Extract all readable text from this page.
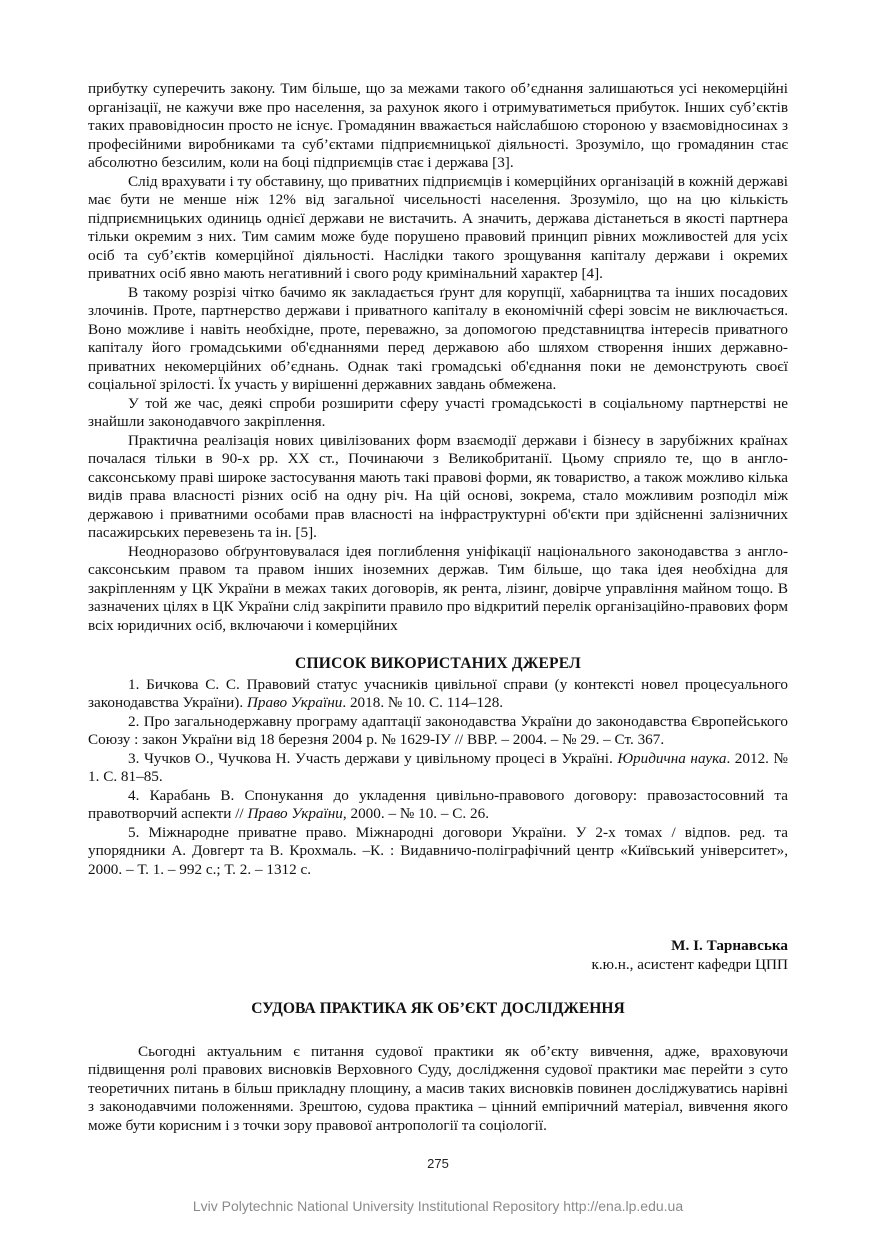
прибутку суперечить закону. Тим більше, що за межами такого об’єднання залишаються усі некомерційні організації, не кажучи вже про населення, за рахунок якого і отримуватиметься прибуток. Інших суб’єктів таких правовідносин просто не існує. Громадянин вважається найслабшою стороною у взаємовідносинах з професійними виробниками та суб’єктами підприємницької діяльності. Зрозуміло, що громадянин стає абсолютно безсилим, коли на боці підприємців стає і держава [3].

Слід врахувати і ту обставину, що приватних підприємців і комерційних організацій в кожній державі має бути не менше ніж 12% від загальної чисельності населення. Зрозуміло, що на цю кількість підприємницьких одиниць однієї держави не вистачить. А значить, держава дістанеться в якості партнера тільки окремим з них. Тим самим може буде порушено правовий принцип рівних можливостей для усіх осіб та суб’єктів комерційної діяльності. Наслідки такого зрощування капіталу держави і окремих приватних осіб явно мають негативний і свого роду кримінальний характер [4].

В такому розрізі чітко бачимо як закладається ґрунт для корупції, хабарництва та інших посадових злочинів. Проте, партнерство держави і приватного капіталу в економічній сфері зовсім не виключається. Воно можливе і навіть необхідне, проте, переважно, за допомогою представництва інтересів приватного капіталу його громадськими об'єднаннями перед державою або шляхом створення інших державно-приватних некомерційних об’єднань. Однак такі громадські об'єднання поки не демонструють своєї соціальної зрілості. Їх участь у вирішенні державних завдань обмежена.

У той же час, деякі спроби розширити сферу участі громадськості в соціальному партнерстві не знайшли законодавчого закріплення.

Практична реалізація нових цивілізованих форм взаємодії держави і бізнесу в зарубіжних країнах почалася тільки в 90-х рр. XX ст., Починаючи з Великобританії. Цьому сприяло те, що в англо-саксонському праві широке застосування мають такі правові форми, як товариство, а також можливо кілька видів права власності різних осіб на одну річ. На цій основі, зокрема, стало можливим розподіл між державою і приватними особами прав власності на інфраструктурні об'єкти при здійсненні залізничних пасажирських перевезень та ін. [5].

Неодноразово обґрунтовувалася ідея поглиблення уніфікації національного законодавства з англо-саксонським правом та правом інших іноземних держав. Тим більше, що така ідея необхідна для закріпленням у ЦК України в межах таких договорів, як рента, лізинг, довірче управління майном тощо. В зазначених цілях в ЦК України слід закріпити правило про відкритий перелік організаційно-правових форм всіх юридичних осіб, включаючи і комерційних

СПИСОК ВИКОРИСТАНИХ ДЖЕРЕЛ

1. Бичкова С. С. Правовий статус учасників цивільної справи (у контексті новел процесуального законодавства України). Право України. 2018. № 10. С. 114–128.

2. Про загальнодержавну програму адаптації законодавства України до законодавства Європейського Союзу : закон України від 18 березня 2004 р. № 1629-IУ // ВВР. – 2004. – № 29. – Ст. 367.

3. Чучков О., Чучкова Н. Участь держави у цивільному процесі в Україні. Юридична наука. 2012. № 1. С. 81–85.

4. Карабань В. Спонукання до укладення цивільно-правового договору: правозастосовний та правотворчий аспекти // Право України, 2000. – № 10. – С. 26.

5. Міжнародне приватне право. Міжнародні договори України. У 2-х томах / відпов. ред. та упорядники А. Довгерт та В. Крохмаль. –К. : Видавничо-поліграфічний центр «Київський університет», 2000. – Т. 1. – 992 с.; Т. 2. – 1312 с.

М. І. Тарнавська
к.ю.н., асистент кафедри ЦПП
СУДОВА ПРАКТИКА ЯК ОБ’ЄКТ ДОСЛІДЖЕННЯ

Сьогодні актуальним є питання судової практики як об’єкту вивчення, адже, враховуючи підвищення ролі правових висновків Верховного Суду, дослідження судової практики має перейти з суто теоретичних питань в більш прикладну площину, а масив таких висновків повинен досліджуватись нарівні з законодавчими положеннями. Зрештою, судова практика – цінний емпіричний матеріал, вивчення якого може бути корисним і з точки зору правової антропології та соціології.

275
Lviv Polytechnic National University Institutional Repository http://ena.lp.edu.ua
